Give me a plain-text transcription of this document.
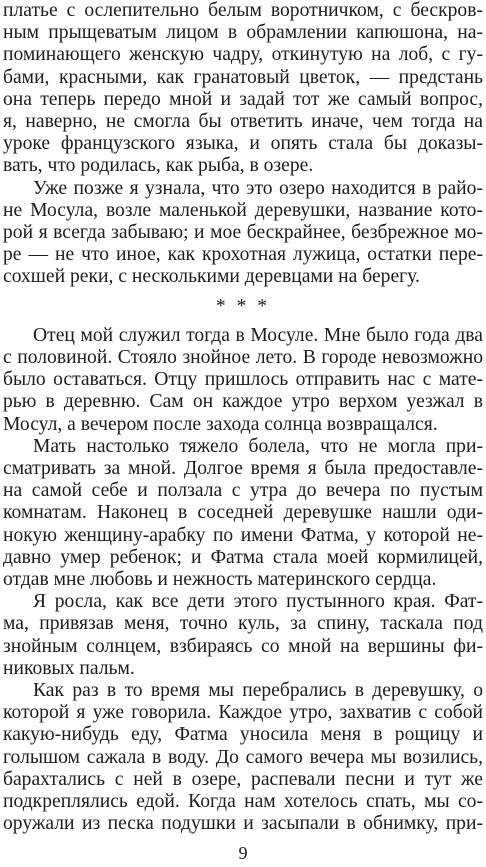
платье с ослепительно белым воротничком, с бескров-
ным прыщеватым лицом в обрамлении капюшона, на-
поминающего женскую чадру, откинутую на лоб, с гу-
бами, красными, как гранатовый цветок, — предстань
она теперь передо мной и задай тот же самый вопрос,
я, наверно, не смогла бы ответить иначе, чем тогда на
уроке французского языка, и опять стала бы доказы-
вать, что родилась, как рыба, в озере.
Уже позже я узнала, что это озеро находится в райо-
не Мосула, возле маленькой деревушки, название кото-
рой я всегда забываю; и мое бескрайнее, безбрежное мо-
ре — не что иное, как крохотная лужица, остатки пере-
сохшей реки, с несколькими деревцами на берегу.
* * *
Отец мой служил тогда в Мосуле. Мне было года два
с половиной. Стояло знойное лето. В городе невозможно
было оставаться. Отцу пришлось отправить нас с мате-
рью в деревню. Сам он каждое утро верхом уезжал в
Мосул, а вечером после захода солнца возвращался.
Мать настолько тяжело болела, что не могла при-
сматривать за мной. Долгое время я была предоставле-
на самой себе и ползала с утра до вечера по пустым
комнатам. Наконец в соседней деревушке нашли оди-
нокую женщину-арабку по имени Фатма, у которой не-
давно умер ребенок; и Фатма стала моей кормилицей,
отдав мне любовь и нежность материнского сердца.
Я росла, как все дети этого пустынного края. Фат-
ма, привязав меня, точно куль, за спину, таскала под
знойным солнцем, взбираясь со мной на вершины фи-
никовых пальм.
Как раз в то время мы перебрались в деревушку, о
которой я уже говорила. Каждое утро, захватив с собой
какую-нибудь еду, Фатма уносила меня в рощицу и
голышом сажала в воду. До самого вечера мы возились,
барахтались с ней в озере, распевали песни и тут же
подкреплялись едой. Когда нам хотелось спать, мы со-
оружали из песка подушки и засыпали в обнимку, при-
9
